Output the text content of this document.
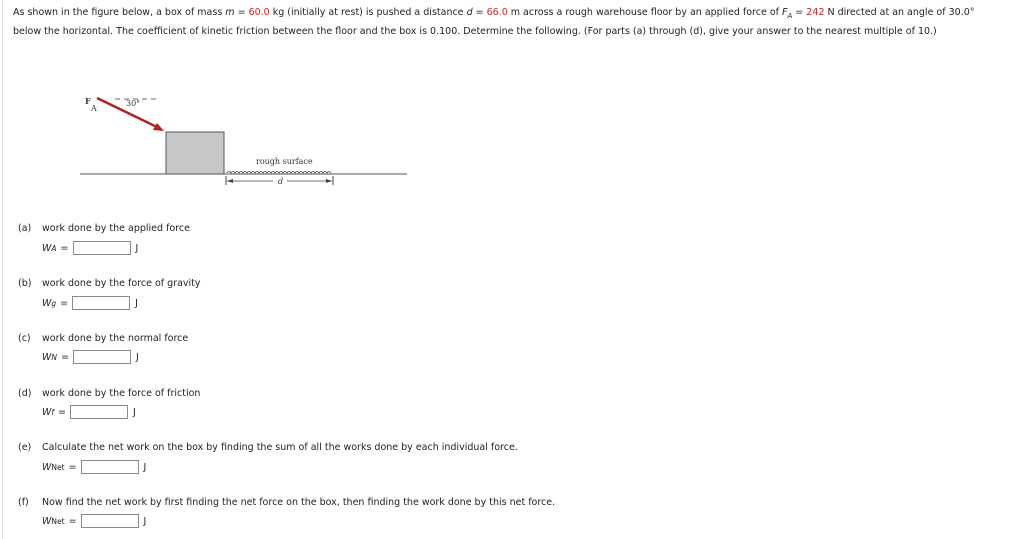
As shown in the figure below, a box of mass m = 60.0 kg (initially at rest) is pushed a distance d = 66.0 m across a rough warehouse floor by an applied force of $F_A = 242$ N directed at an angle of 30.0° below the horizontal. The coefficient of kinetic friction between the floor and the box is 0.100. Determine the following. (For parts (a) through (d), give your answer to the nearest multiple of 10.)
F
A
30°
rough surface
d
(a) work done by the applied force
W A =	J
(b) work done by the force of gravity
W g =	J
(c) work done by the normal force
W N =	J
(d) work done by the force of friction
W f =	J
(e) Calculate the net work on the box by finding the sum of all the works done by each individual force.
W Net =	J
(f) Now find the net work by first finding the net force on the box, then finding the work done by this net force.
W Net =	J
